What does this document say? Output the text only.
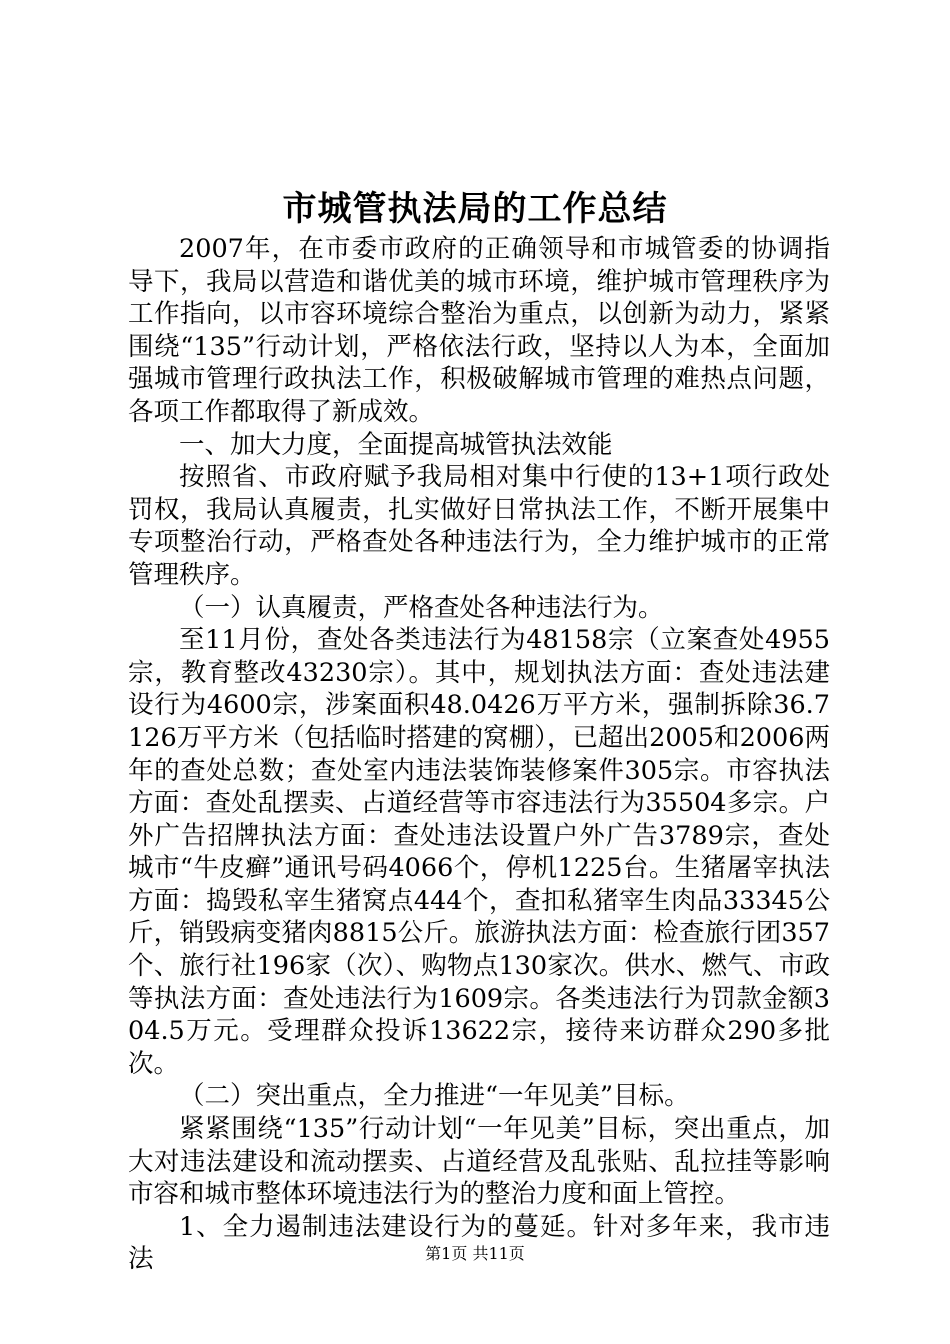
市城管执法局的工作总结

2007年，在市委市政府的正确领导和市城管委的协调指导下，我局以营造和谐优美的城市环境，维护城市管理秩序为工作指向，以市容环境综合整治为重点，以创新为动力，紧紧围绕“135”行动计划，严格依法行政，坚持以人为本，全面加强城市管理行政执法工作，积极破解城市管理的难热点问题，各项工作都取得了新成效。

一、加大力度，全面提高城管执法效能

按照省、市政府赋予我局相对集中行使的13+1项行政处罚权，我局认真履责，扎实做好日常执法工作，不断开展集中专项整治行动，严格查处各种违法行为，全力维护城市的正常管理秩序。

（一）认真履责，严格查处各种违法行为。

至11月份，查处各类违法行为48158宗（立案查处4955宗，教育整改43230宗）。其中，规划执法方面：查处违法建设行为4600宗，涉案面积48.0426万平方米，强制拆除36.7126万平方米（包括临时搭建的窝棚），已超出2005和2006两年的查处总数；查处室内违法装饰装修案件305宗。市容执法方面：查处乱摆卖、占道经营等市容违法行为35504多宗。户外广告招牌执法方面：查处违法设置户外广告3789宗，查处城市“牛皮癣”通讯号码4066个，停机1225台。生猪屠宰执法方面：捣毁私宰生猪窝点444个，查扣私猪宰生肉品33345公斤，销毁病变猪肉8815公斤。旅游执法方面：检查旅行团357个、旅行社196家（次）、购物点130家次。供水、燃气、市政等执法方面：查处违法行为1609宗。各类违法行为罚款金额304.5万元。受理群众投诉13622宗，接待来访群众290多批次。

（二）突出重点，全力推进“一年见美”目标。

紧紧围绕“135”行动计划“一年见美”目标，突出重点，加大对违法建设和流动摆卖、占道经营及乱张贴、乱拉挂等影响市容和城市整体环境违法行为的整治力度和面上管控。

1、全力遏制违法建设行为的蔓延。针对多年来，我市违法	第1页 共11页
